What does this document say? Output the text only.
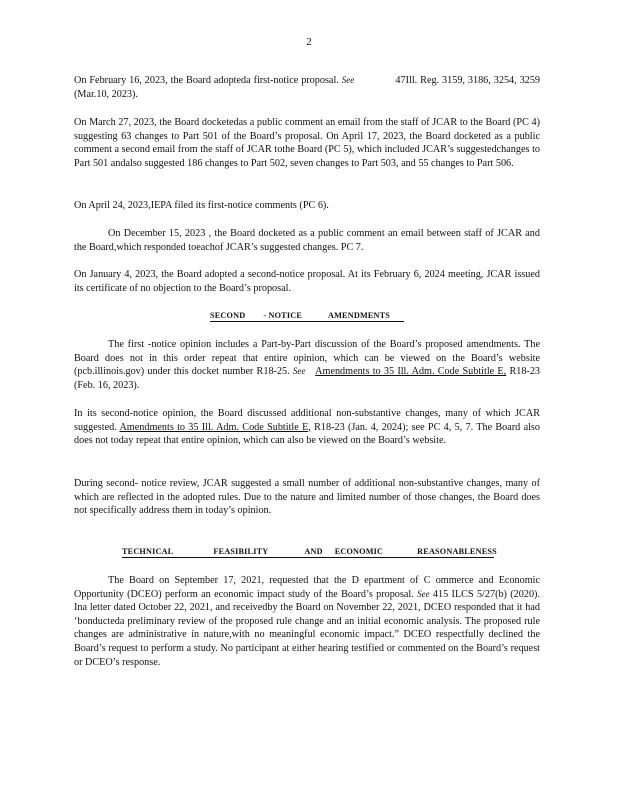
2
On February 16, 2023, the Board adopteda first-notice proposal. See	47Ill. Reg. 3159, 3186, 3254, 3259 (Mar.10, 2023).
On March 27, 2023, the Board docketedas a public comment an email from the staff of JCAR to the Board (PC 4) suggesting 63 changes to Part 501 of the Board’s proposal. On April 17, 2023, the Board docketed as a public comment a second email from the staff of JCAR tothe Board (PC 5), which included JCAR’s suggestedchanges to Part 501 andalso suggested 186 changes to Part 502, seven changes to Part 503, and 55 changes to Part 506.
On April 24, 2023,IEPA filed its first-notice comments (PC 6).
On December 15, 2023 , the Board docketed as a public comment an email between staff of JCAR and the Board,which responded toeachof JCAR’s suggested changes. PC 7.
On January 4, 2023, the Board adopted a second-notice proposal. At its February 6, 2024 meeting, JCAR issued its certificate of no objection to the Board’s proposal.
SECOND - NOTICE	AMENDMENTS
The first -notice opinion includes a Part-by-Part discussion of the Board’s proposed amendments. The Board does not in this order repeat that entire opinion, which can be viewed on the Board’s website (pcb.illinois.gov) under this docket number R18-25. See Amendments to 35 Ill. Adm. Code Subtitle E, R18-23 (Feb. 16, 2023).
In its second-notice opinion, the Board discussed additional non-substantive changes, many of which JCAR suggested. Amendments to 35 Ill. Adm. Code Subtitle E, R18-23 (Jan. 4, 2024); see PC 4, 5, 7. The Board also does not today repeat that entire opinion, which can also be viewed on the Board’s website.
During second- notice review, JCAR suggested a small number of additional non-substantive changes, many of which are reflected in the adopted rules. Due to the nature and limited number of those changes, the Board does not specifically address them in today’s opinion.
TECHNICAL	FEASIBILITY	AND ECONOMIC	REASONABLENESS
The Board on September 17, 2021, requested that the D epartment of C ommerce and Economic Opportunity (DCEO) perform an economic impact study of the Board’s proposal. See 415 ILCS 5/27(b) (2020). Ina letter dated October 22, 2021, and receivedby the Board on November 22, 2021, DCEO responded that it had ‘bonducteda preliminary review of the proposed rule change and an initial economic analysis. The proposed rule changes are administrative in nature,with no meaningful economic impact.” DCEO respectfully declined the Board’s request to perform a study. No participant at either hearing testified or commented on the Board’s request or DCEO’s response.
